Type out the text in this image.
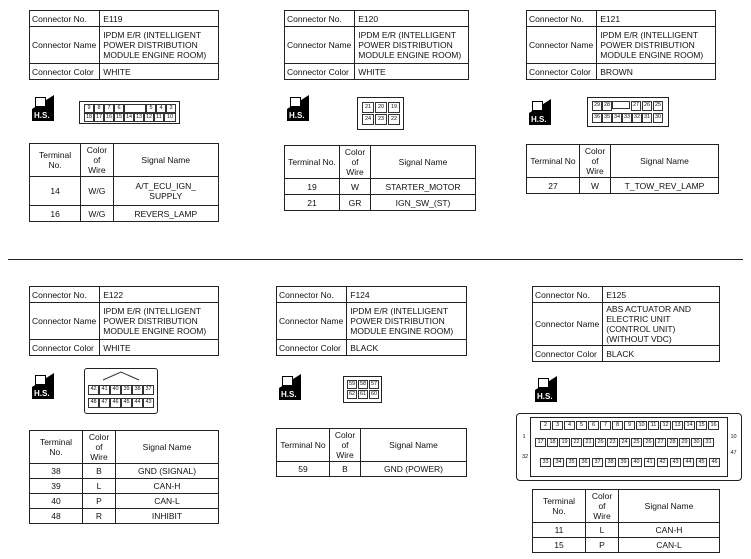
Connector No.	E119
Connector Name	IPDM E/R (INTELLIGENT POWER DISTRIBUTION MODULE ENGINE ROOM)
Connector Color	WHITE
H.S.
9	8	7	6	5	4	3
18 17 16 15 14 13 12 11 10
Terminal No.	Color of Wire	Signal Name
14	W/G	A/T_ECU_IGN_ SUPPLY
16	W/G	REVERS_LAMP
Connector No.	E120
Connector Name	IPDM E/R (INTELLIGENT POWER DISTRIBUTION MODULE ENGINE ROOM)
Connector Color	WHITE
H.S.
21	20	19
24	23	22
Terminal No.	Color of Wire	Signal Name
19	W	STARTER_MOTOR
21	GR	IGN_SW_(ST)
Connector No.	E121
Connector Name	IPDM E/R (INTELLIGENT POWER DISTRIBUTION MODULE ENGINE ROOM)
Connector Color	BROWN
H.S.
29 28	27 26 25
36 35 34 33 32 31 30
Terminal No	Color of Wire	Signal Name
27	W	T_TOW_REV_LAMP
Connector No.	E122
Connector Name	IPDM E/R (INTELLIGENT POWER DISTRIBUTION MODULE ENGINE ROOM)
Connector Color	WHITE
H.S.	42 41 40 39 38 37
48 47 46 45 44 43
Terminal No.	Color of Wire	Signal Name
38	B	GND (SIGNAL)
39	L	CAN-H
40	P	CAN-L
48	R	INHIBIT
Connector No.	F124
Connector Name	IPDM E/R (INTELLIGENT POWER DISTRIBUTION MODULE ENGINE ROOM)
Connector Color	BLACK
H.S.
59 58 57
62 61 60
Terminal No	Color of Wire	Signal Name
59	B	GND (POWER)
Connector No.	E125
Connector Name	ABS ACTUATOR AND ELECTRIC UNIT (CONTROL UNIT) (WITHOUT VDC)
Connector Color	BLACK
H.S.
1
2	3	4	5	6	7	8	9	10	11	12	13	14	15	16
10
17	18	19	22	21	26	23	24	25	26	27	28	29	30	31
32
33	34	35	36	37	38	39	40	41	42	43	44	45	46
47
Terminal No.	Color of Wire	Signal Name
11	L	CAN-H
15	P	CAN-L
